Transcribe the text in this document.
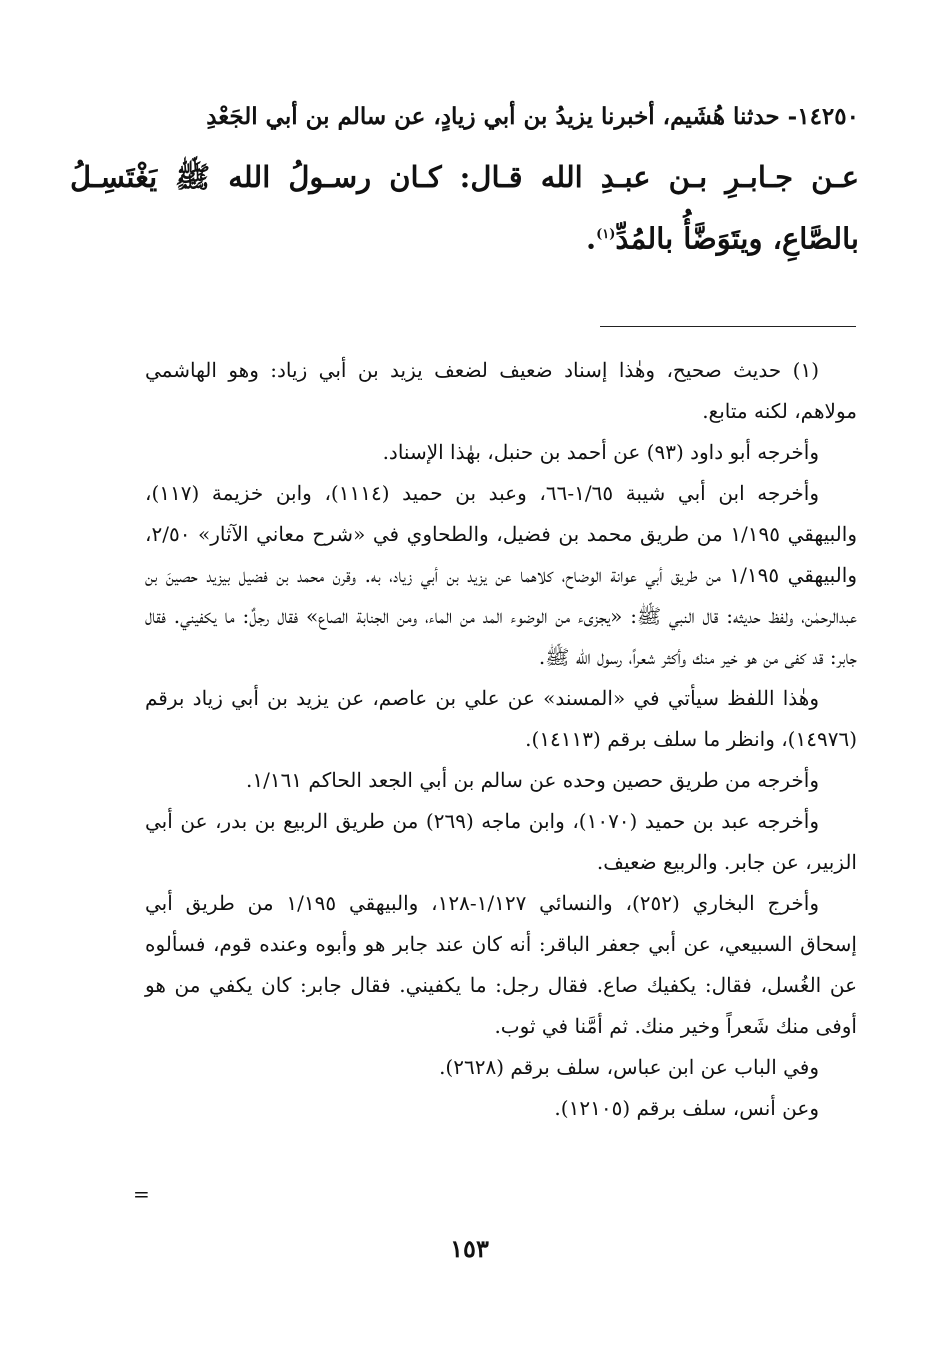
١٤٢٥٠- حدثنا هُشَيم، أخبرنا يزيدُ بن أبي زيادٍ، عن سالم بن أبي الجَعْدِ

عـن جـابـرِ بـن عبـدِ الله قـال: كـان رسـولُ الله ﷺ يَغْتَسِـلُ بالصَّاعِ، ويتَوَضَّأُ بالمُدِّ$^{(١)}$.

(١) حديث صحيح، وهٰذا إسناد ضعيف لضعف يزيد بن أبي زياد: وهو الهاشمي مولاهم، لكنه متابع.

وأخرجه أبو داود (٩٣) عن أحمد بن حنبل، بهٰذا الإسناد.

وأخرجه ابن أبي شيبة ١/٦٥-٦٦، وعبد بن حميد (١١١٤)، وابن خزيمة (١١٧)، والبيهقي ١/١٩٥ من طريق محمد بن فضيل، والطحاوي في «شرح معاني الآثار» ٢/٥٠، والبيهقي ١/١٩٥ من طريق أبي عوانة الوضاح، كلاهما عن يزيد بن أبي زياد، به. وقرن محمد بن فضيل بيزيد حصينَ بن عبدالرحمٰن، ولفظ حديثه: قال النبي ﷺ: «يجزىء من الوضوء المد من الماء، ومن الجنابة الصاع» فقال رجلٌ: ما يكفيني. فقال جابر: قد كفى من هو خير منك وأكثر شعراً، رسول الله ﷺ.

وهٰذا اللفظ سيأتي في «المسند» عن علي بن عاصم، عن يزيد بن أبي زياد برقم (١٤٩٧٦)، وانظر ما سلف برقم (١٤١١٣).

وأخرجه من طريق حصين وحده عن سالم بن أبي الجعد الحاكم ١/١٦١.

وأخرجه عبد بن حميد (١٠٧٠)، وابن ماجه (٢٦٩) من طريق الربيع بن بدر، عن أبي الزبير، عن جابر. والربيع ضعيف.

وأخرج البخاري (٢٥٢)، والنسائي ١/١٢٧-١٢٨، والبيهقي ١/١٩٥ من طريق أبي إسحاق السبيعي، عن أبي جعفر الباقر: أنه كان عند جابر هو وأبوه وعنده قوم، فسألوه عن الغُسل، فقال: يكفيك صاع. فقال رجل: ما يكفيني. فقال جابر: كان يكفي من هو أوفى منك شَعراً وخير منك. ثم أمَّنا في ثوب.

وفي الباب عن ابن عباس، سلف برقم (٢٦٢٨).

وعن أنس، سلف برقم (١٢١٠٥).

=
١٥٣
